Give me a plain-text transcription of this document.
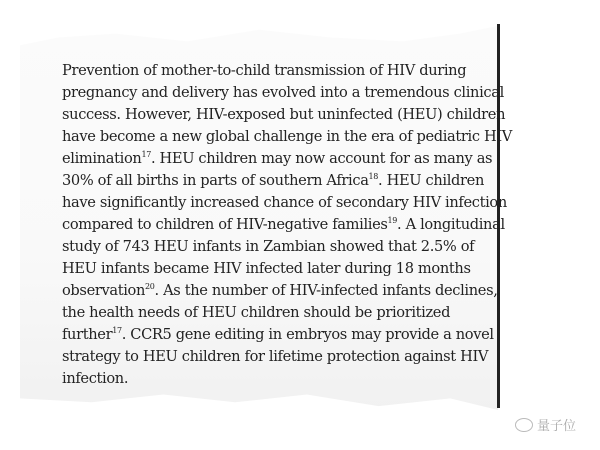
Prevention of mother-to-child transmission of HIV during
pregnancy and delivery has evolved into a tremendous clinical
success. However, HIV-exposed but uninfected (HEU) children
have become a new global challenge in the era of pediatric HIV
elimination$^{17}$. HEU children may now account for as many as
30% of all births in parts of southern Africa$^{18}$. HEU children
have significantly increased chance of secondary HIV infection
compared to children of HIV-negative families$^{19}$. A longitudinal
study of 743 HEU infants in Zambian showed that 2.5% of
HEU infants became HIV infected later during 18 months
observation$^{20}$. As the number of HIV-infected infants declines,
the health needs of HEU children should be prioritized
further$^{17}$. CCR5 gene editing in embryos may provide a novel
strategy to HEU children for lifetime protection against HIV
infection.
量子位
